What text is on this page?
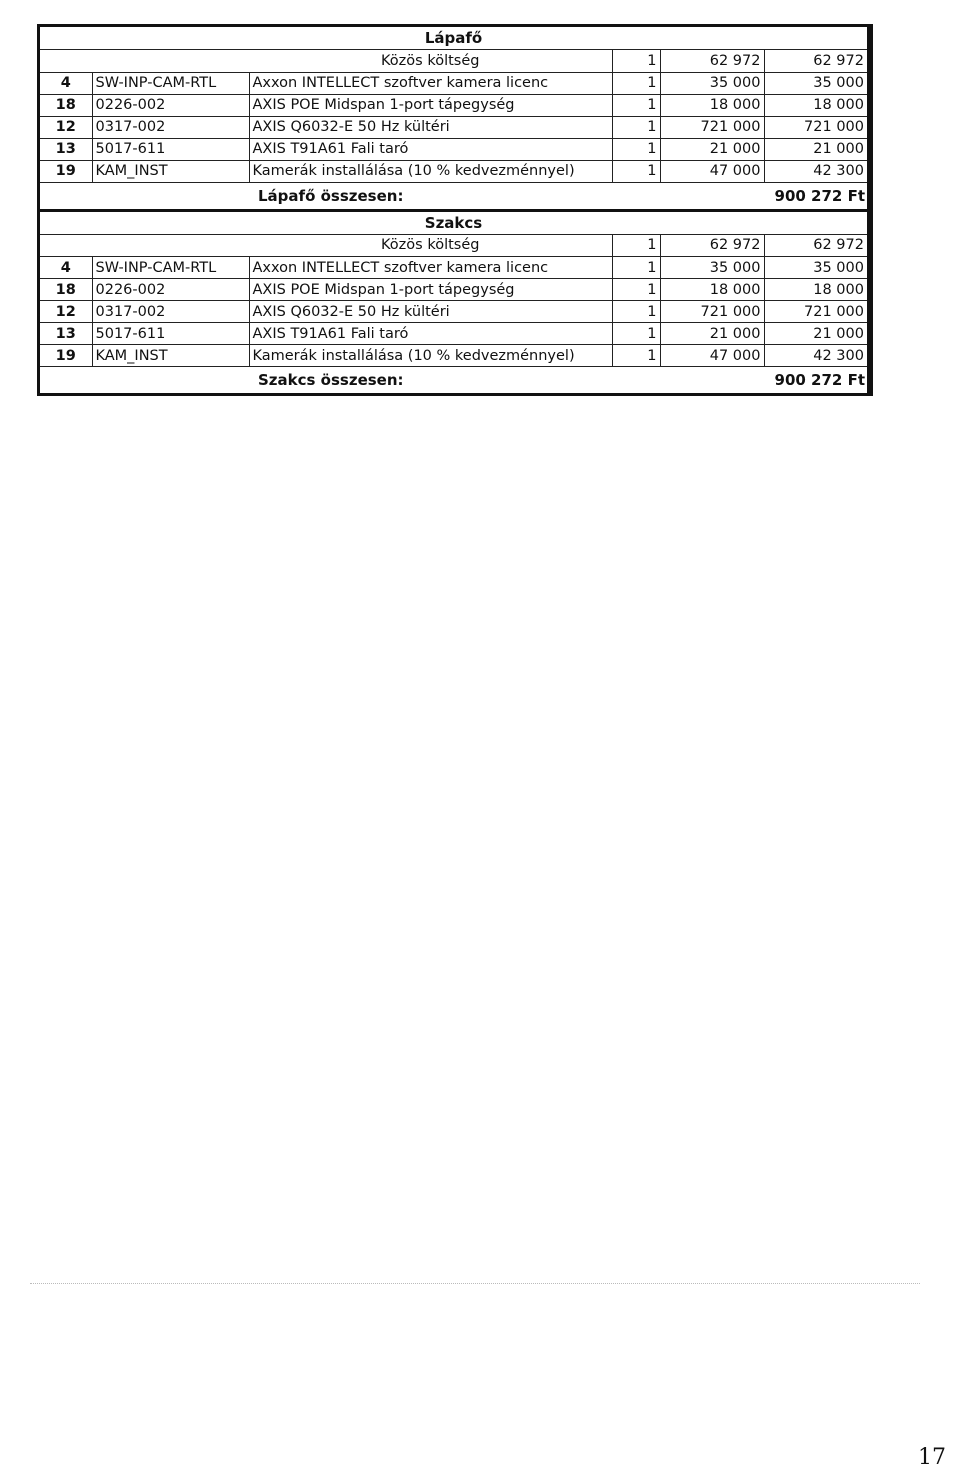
Lápafő
		Közös költség	1	62 972	62 972
4	SW-INP-CAM-RTL	Axxon INTELLECT szoftver kamera licenc	1	35 000	35 000
18	0226-002	AXIS POE Midspan 1-port tápegység	1	18 000	18 000
12	0317-002	AXIS Q6032-E 50 Hz kültéri	1	721 000	721 000
13	5017-611	AXIS T91A61 Fali taró	1	21 000	21 000
19	KAM_INST	Kamerák installálása (10 % kedvezménnyel)	1	47 000	42 300
Lápafő összesen:	900 272 Ft
Szakcs
		Közös költség	1	62 972	62 972
4	SW-INP-CAM-RTL	Axxon INTELLECT szoftver kamera licenc	1	35 000	35 000
18	0226-002	AXIS POE Midspan 1-port tápegység	1	18 000	18 000
12	0317-002	AXIS Q6032-E 50 Hz kültéri	1	721 000	721 000
13	5017-611	AXIS T91A61 Fali taró	1	21 000	21 000
19	KAM_INST	Kamerák installálása (10 % kedvezménnyel)	1	47 000	42 300
Szakcs összesen:	900 272 Ft
17
